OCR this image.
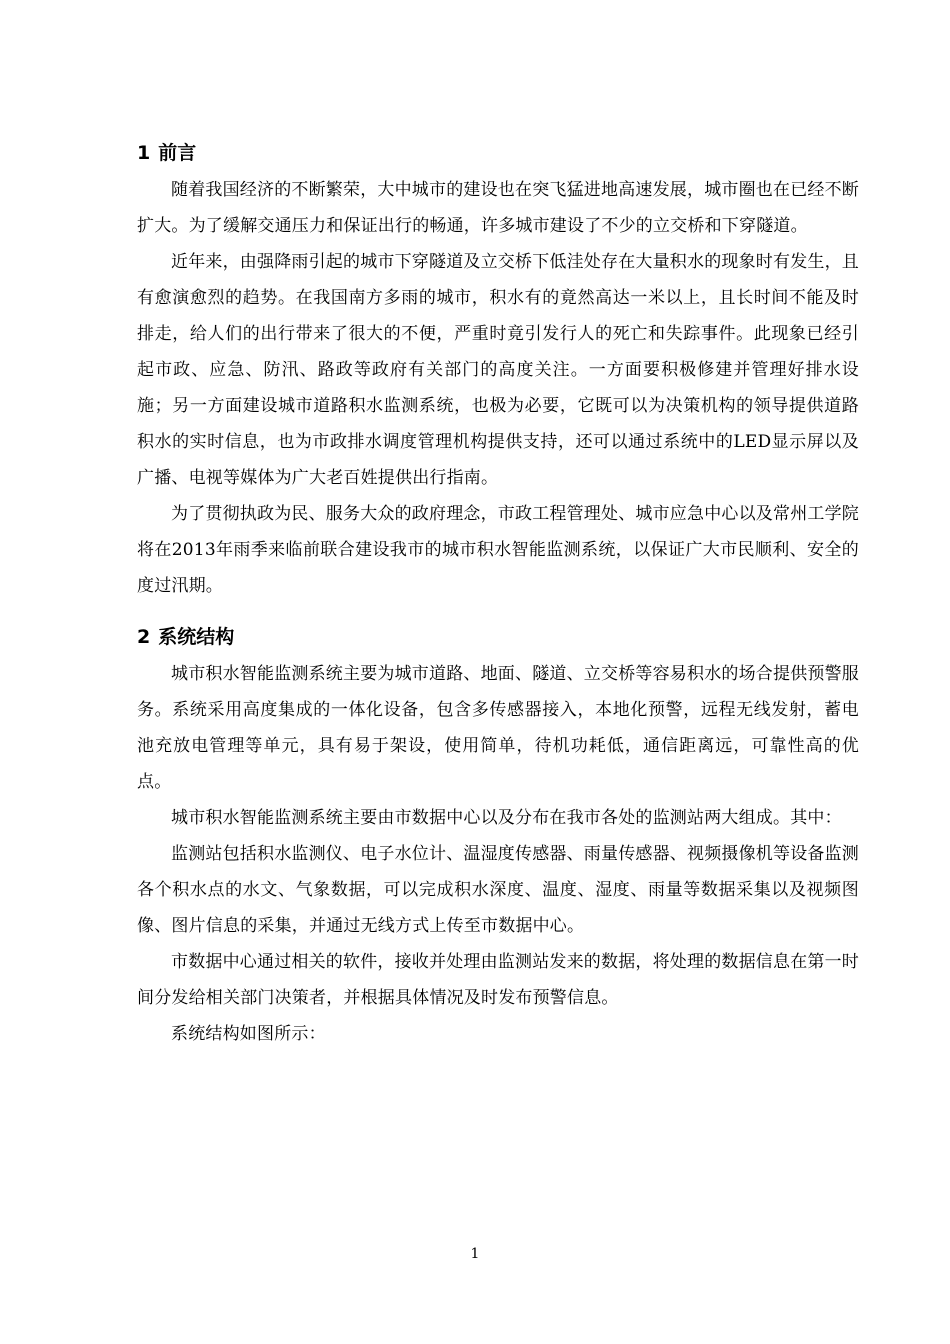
1 前言

随着我国经济的不断繁荣，大中城市的建设也在突飞猛进地高速发展，城市圈也在已经不断扩大。为了缓解交通压力和保证出行的畅通，许多城市建设了不少的立交桥和下穿隧道。

近年来，由强降雨引起的城市下穿隧道及立交桥下低洼处存在大量积水的现象时有发生，且有愈演愈烈的趋势。在我国南方多雨的城市，积水有的竟然高达一米以上，且长时间不能及时排走，给人们的出行带来了很大的不便，严重时竟引发行人的死亡和失踪事件。此现象已经引起市政、应急、防汛、路政等政府有关部门的高度关注。一方面要积极修建并管理好排水设施；另一方面建设城市道路积水监测系统，也极为必要，它既可以为决策机构的领导提供道路积水的实时信息，也为市政排水调度管理机构提供支持，还可以通过系统中的LED显示屏以及广播、电视等媒体为广大老百姓提供出行指南。

为了贯彻执政为民、服务大众的政府理念，市政工程管理处、城市应急中心以及常州工学院将在2013年雨季来临前联合建设我市的城市积水智能监测系统，以保证广大市民顺利、安全的度过汛期。

2 系统结构

城市积水智能监测系统主要为城市道路、地面、隧道、立交桥等容易积水的场合提供预警服务。系统采用高度集成的一体化设备，包含多传感器接入，本地化预警，远程无线发射，蓄电池充放电管理等单元，具有易于架设，使用简单，待机功耗低，通信距离远，可靠性高的优点。

城市积水智能监测系统主要由市数据中心以及分布在我市各处的监测站两大组成。其中：

监测站包括积水监测仪、电子水位计、温湿度传感器、雨量传感器、视频摄像机等设备监测各个积水点的水文、气象数据，可以完成积水深度、温度、湿度、雨量等数据采集以及视频图像、图片信息的采集，并通过无线方式上传至市数据中心。

市数据中心通过相关的软件，接收并处理由监测站发来的数据，将处理的数据信息在第一时间分发给相关部门决策者，并根据具体情况及时发布预警信息。

系统结构如图所示：

1
